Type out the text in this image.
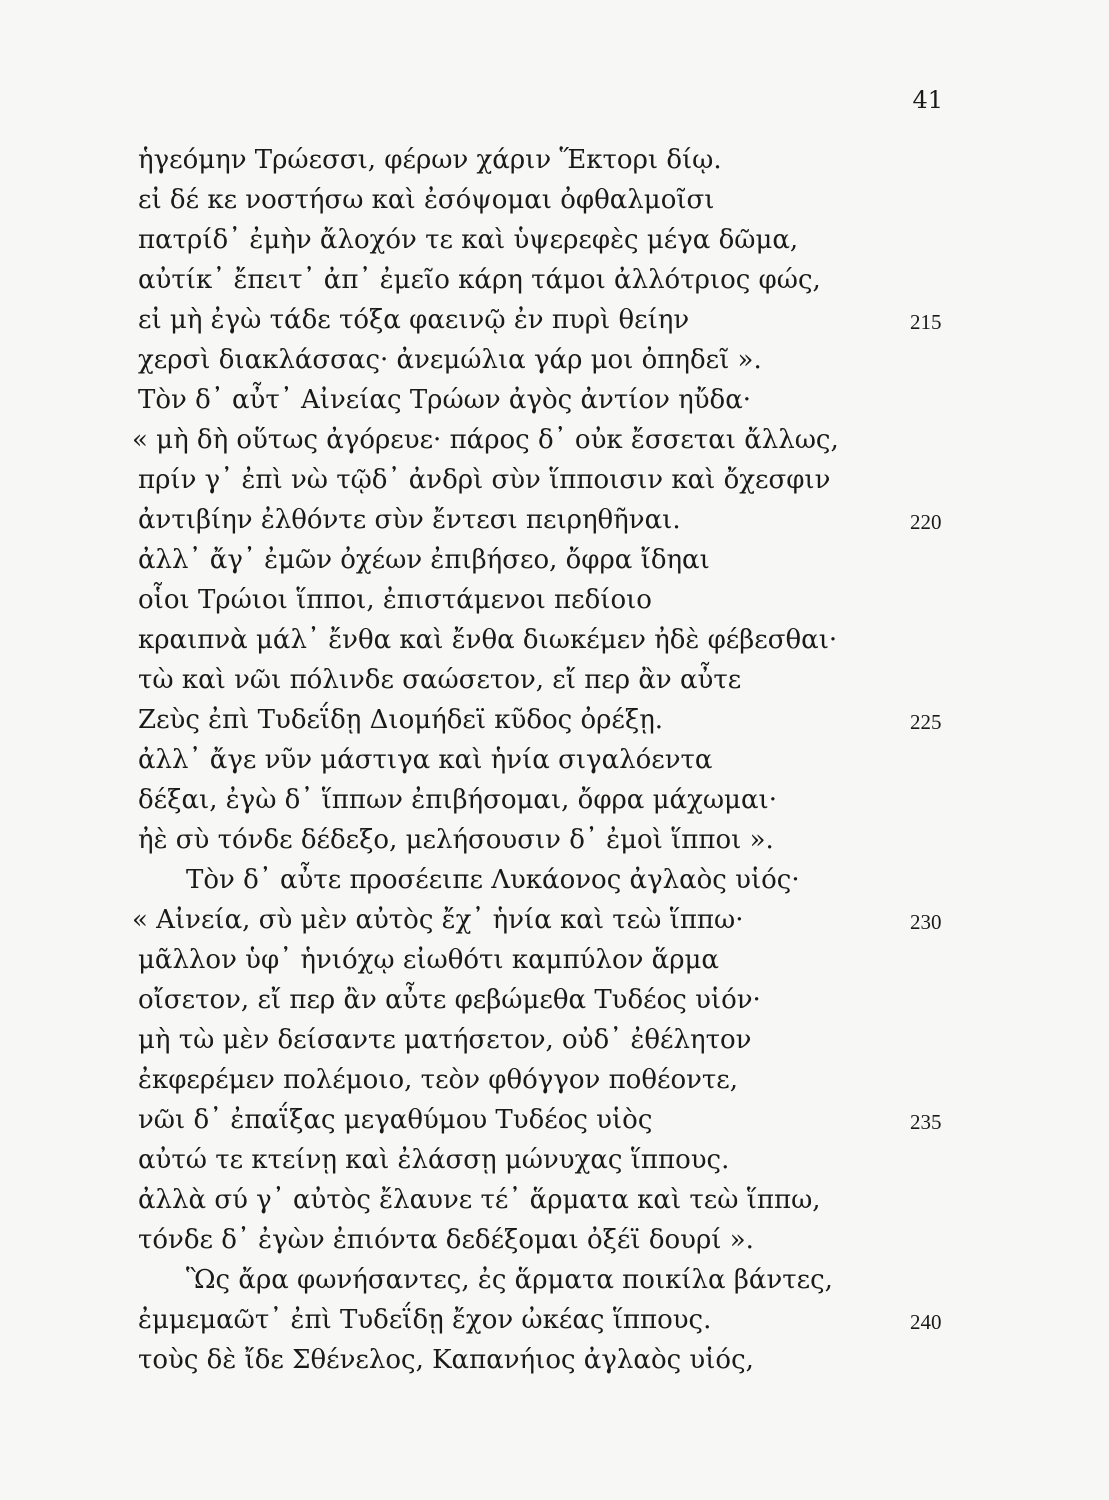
41
ἡγεόμην Τρώεσσι, φέρων χάριν Ἕκτορι δίῳ.
εἰ δέ κε νοστήσω καὶ ἐσόψομαι ὀφθαλμοῖσι
πατρίδ᾽ ἐμὴν ἄλοχόν τε καὶ ὑψερεφὲς μέγα δῶμα,
αὐτίκ᾽ ἔπειτ᾽ ἀπ᾽ ἐμεῖο κάρη τάμοι ἀλλότριος φώς,
εἰ μὴ ἐγὼ τάδε τόξα φαεινῷ ἐν πυρὶ θείην	215
χερσὶ διακλάσσας· ἀνεμώλια γάρ μοι ὀπηδεῖ ».
Τὸν δ᾽ αὖτ᾽ Αἰνείας Τρώων ἀγὸς ἀντίον ηὔδα·
« μὴ δὴ οὕτως ἀγόρευε· πάρος δ᾽ οὐκ ἔσσεται ἄλλως,
πρίν γ᾽ ἐπὶ νὼ τῷδ᾽ ἀνδρὶ σὺν ἵπποισιν καὶ ὄχεσφιν
ἀντιβίην ἐλθόντε σὺν ἔντεσι πειρηθῆναι.	220
ἀλλ᾽ ἄγ᾽ ἐμῶν ὀχέων ἐπιβήσεο, ὄφρα ἴδηαι
οἷοι Τρώιοι ἵπποι, ἐπιστάμενοι πεδίοιο
κραιπνὰ μάλ᾽ ἔνθα καὶ ἔνθα διωκέμεν ἠδὲ φέβεσθαι·
τὼ καὶ νῶι πόλινδε σαώσετον, εἴ περ ἂν αὖτε
Ζεὺς ἐπὶ Τυδεΐδῃ Διομήδεϊ κῦδος ὀρέξῃ.	225
ἀλλ᾽ ἄγε νῦν μάστιγα καὶ ἡνία σιγαλόεντα
δέξαι, ἐγὼ δ᾽ ἵππων ἐπιβήσομαι, ὄφρα μάχωμαι·
ἠὲ σὺ τόνδε δέδεξο, μελήσουσιν δ᾽ ἐμοὶ ἵπποι ».
Τὸν δ᾽ αὖτε προσέειπε Λυκάονος ἀγλαὸς υἱός·
« Αἰνεία, σὺ μὲν αὐτὸς ἔχ᾽ ἡνία καὶ τεὼ ἵππω·	230
μᾶλλον ὑφ᾽ ἡνιόχῳ εἰωθότι καμπύλον ἅρμα
οἴσετον, εἴ περ ἂν αὖτε φεβώμεθα Τυδέος υἱόν·
μὴ τὼ μὲν δείσαντε ματήσετον, οὐδ᾽ ἐθέλητον
ἐκφερέμεν πολέμοιο, τεὸν φθόγγον ποθέοντε,
νῶι δ᾽ ἐπαΐξας μεγαθύμου Τυδέος υἱὸς	235
αὐτώ τε κτείνῃ καὶ ἐλάσσῃ μώνυχας ἵππους.
ἀλλὰ σύ γ᾽ αὐτὸς ἔλαυνε τέ᾽ ἅρματα καὶ τεὼ ἵππω,
τόνδε δ᾽ ἐγὼν ἐπιόντα δεδέξομαι ὀξέϊ δουρί ».
Ὣς ἄρα φωνήσαντες, ἐς ἅρματα ποικίλα βάντες,
ἐμμεμαῶτ᾽ ἐπὶ Τυδεΐδῃ ἔχον ὠκέας ἵππους.	240
τοὺς δὲ ἴδε Σθένελος, Καπανήιος ἀγλαὸς υἱός,
